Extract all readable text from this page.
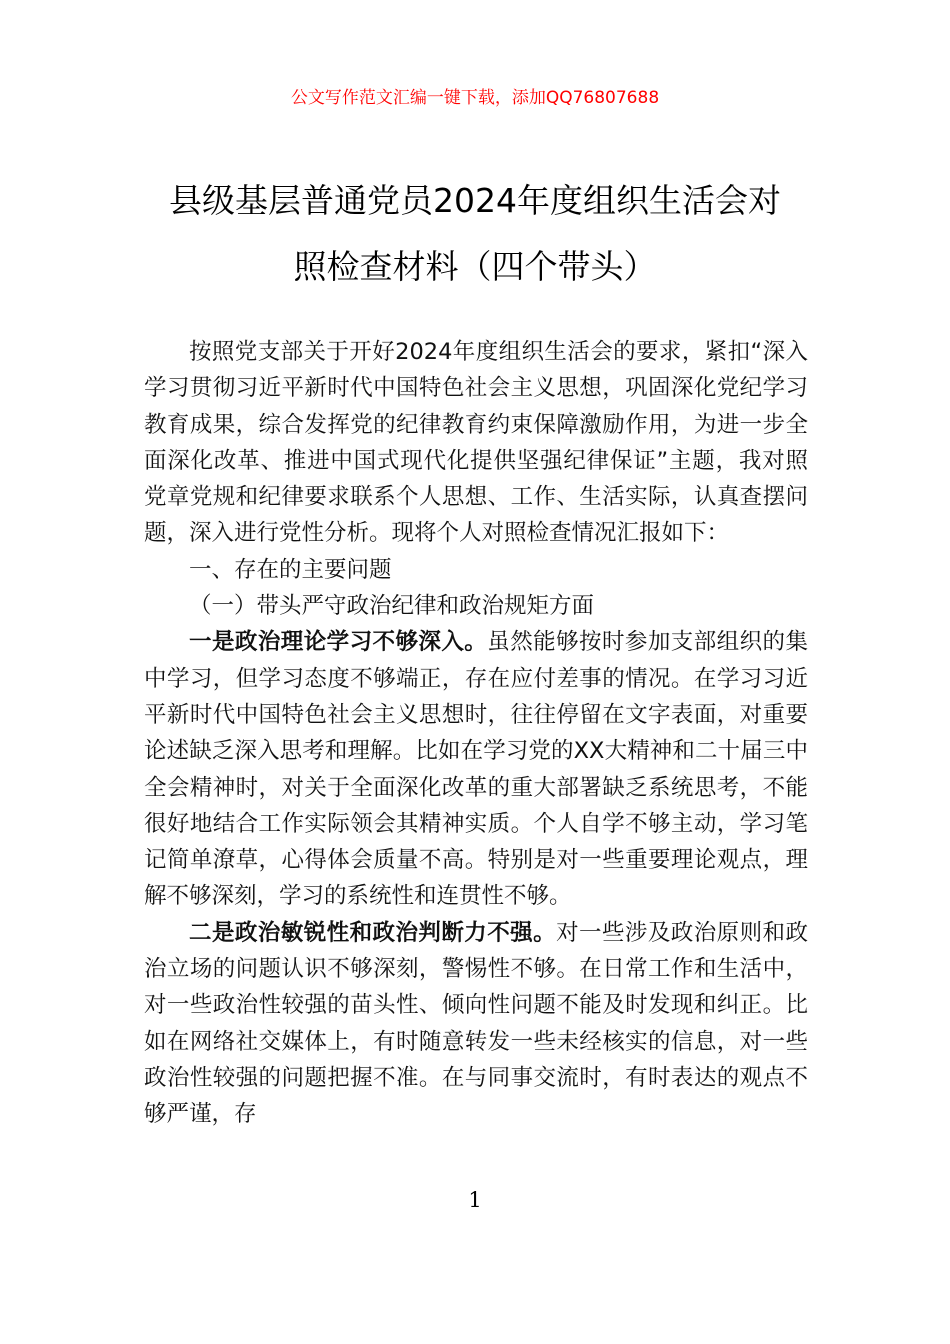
公文写作范文汇编一键下载，添加QQ76807688
县级基层普通党员2024年度组织生活会对
照检查材料（四个带头）

按照党支部关于开好2024年度组织生活会的要求，紧扣“深入学习贯彻习近平新时代中国特色社会主义思想，巩固深化党纪学习教育成果，综合发挥党的纪律教育约束保障激励作用，为进一步全面深化改革、推进中国式现代化提供坚强纪律保证”主题，我对照党章党规和纪律要求联系个人思想、工作、生活实际，认真查摆问题，深入进行党性分析。现将个人对照检查情况汇报如下：

一、存在的主要问题

（一）带头严守政治纪律和政治规矩方面

一是政治理论学习不够深入。虽然能够按时参加支部组织的集中学习，但学习态度不够端正，存在应付差事的情况。在学习习近平新时代中国特色社会主义思想时，往往停留在文字表面，对重要论述缺乏深入思考和理解。比如在学习党的XX大精神和二十届三中全会精神时，对关于全面深化改革的重大部署缺乏系统思考，不能很好地结合工作实际领会其精神实质。个人自学不够主动，学习笔记简单潦草，心得体会质量不高。特别是对一些重要理论观点，理解不够深刻，学习的系统性和连贯性不够。

二是政治敏锐性和政治判断力不强。对一些涉及政治原则和政治立场的问题认识不够深刻，警惕性不够。在日常工作和生活中，对一些政治性较强的苗头性、倾向性问题不能及时发现和纠正。比如在网络社交媒体上，有时随意转发一些未经核实的信息，对一些政治性较强的问题把握不准。在与同事交流时，有时表达的观点不够严谨，存

1
